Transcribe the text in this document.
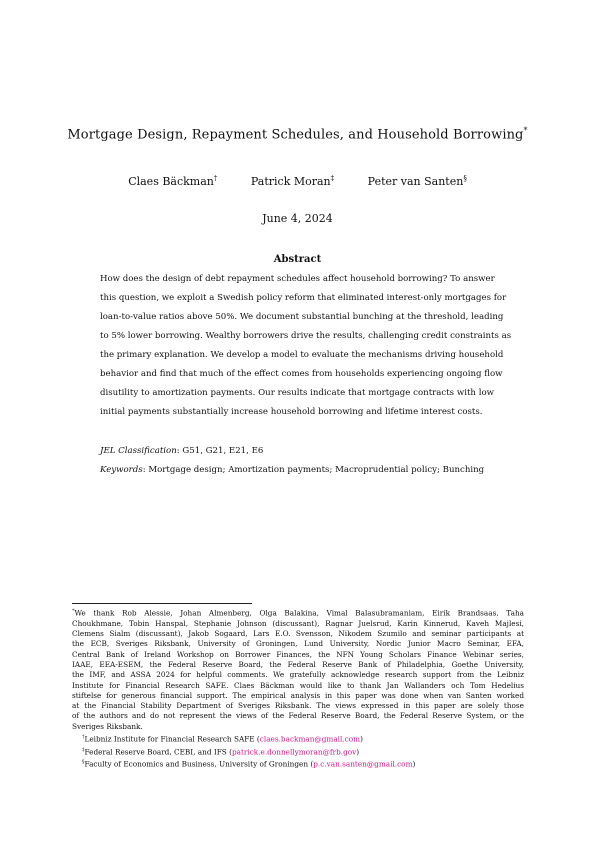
Mortgage Design, Repayment Schedules, and Household Borrowing*
Claes Bäckman†	Patrick Moran‡	Peter van Santen§
June 4, 2024
Abstract
How does the design of debt repayment schedules affect household borrowing? To answer
this question, we exploit a Swedish policy reform that eliminated interest-only mortgages for
loan-to-value ratios above 50%. We document substantial bunching at the threshold, leading
to 5% lower borrowing. Wealthy borrowers drive the results, challenging credit constraints as
the primary explanation. We develop a model to evaluate the mechanisms driving household
behavior and find that much of the effect comes from households experiencing ongoing flow
disutility to amortization payments. Our results indicate that mortgage contracts with low
initial payments substantially increase household borrowing and lifetime interest costs.
JEL Classification: G51, G21, E21, E6
Keywords: Mortgage design; Amortization payments; Macroprudential policy; Bunching
*We thank Rob Alessie, Johan Almenberg, Olga Balakina, Vimal Balasubramaniam, Eirik Brandsaas, Taha
Choukhmane, Tobin Hanspal, Stephanie Johnson (discussant), Ragnar Juelsrud, Karin Kinnerud, Kaveh Majlesi,
Clemens Sialm (discussant), Jakob Sogaard, Lars E.O. Svensson, Nikodem Szumilo and seminar participants at
the ECB, Sveriges Riksbank, University of Groningen, Lund University, Nordic Junior Macro Seminar, EFA,
Central Bank of Ireland Workshop on Borrower Finances, the NFN Young Scholars Finance Webinar series,
IAAE, EEA-ESEM, the Federal Reserve Board, the Federal Reserve Bank of Philadelphia, Goethe University,
the IMF, and ASSA 2024 for helpful comments. We gratefully acknowledge research support from the Leibniz
Institute for Financial Research SAFE. Claes Bäckman would like to thank Jan Wallanders och Tom Hedelius
stiftelse for generous financial support. The empirical analysis in this paper was done when van Santen worked
at the Financial Stability Department of Sveriges Riksbank. The views expressed in this paper are solely those
of the authors and do not represent the views of the Federal Reserve Board, the Federal Reserve System, or the
Sveriges Riksbank.
†Leibniz Institute for Financial Research SAFE (claes.backman@gmail.com)
‡Federal Reserve Board, CEBI, and IFS (patrick.e.donnellymoran@frb.gov)
§Faculty of Economics and Business, University of Groningen (p.c.van.santen@gmail.com)
